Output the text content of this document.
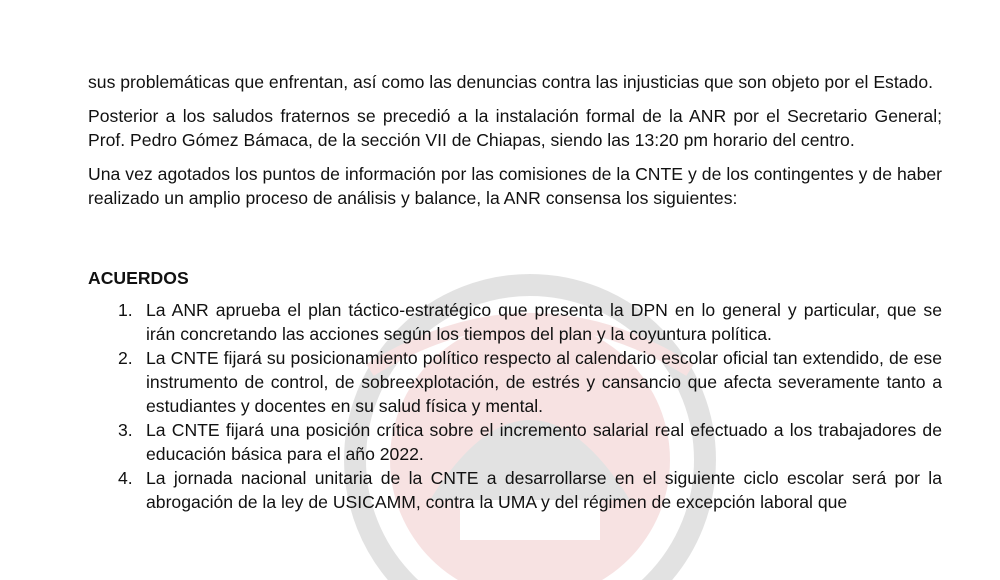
sus problemáticas que enfrentan, así como las denuncias contra las injusticias que son objeto por el Estado.

Posterior a los saludos fraternos se precedió a la instalación formal de la ANR por el Secretario General; Prof. Pedro Gómez Bámaca, de la sección VII de Chiapas, siendo las 13:20 pm horario del centro.

Una vez agotados los puntos de información por las comisiones de la CNTE y de los contingentes y de haber realizado un amplio proceso de análisis y balance, la ANR consensa los siguientes:

ACUERDOS

1. La ANR aprueba el plan táctico-estratégico que presenta la DPN en lo general y particular, que se irán concretando las acciones según los tiempos del plan y la coyuntura política.
2. La CNTE fijará su posicionamiento político respecto al calendario escolar oficial tan extendido, de ese instrumento de control, de sobreexplotación, de estrés y cansancio que afecta severamente tanto a estudiantes y docentes en su salud física y mental.
3. La CNTE fijará una posición crítica sobre el incremento salarial real efectuado a los trabajadores de educación básica para el año 2022.
4. La jornada nacional unitaria de la CNTE a desarrollarse en el siguiente ciclo escolar será por la abrogación de la ley de USICAMM, contra la UMA y del régimen de excepción laboral que
